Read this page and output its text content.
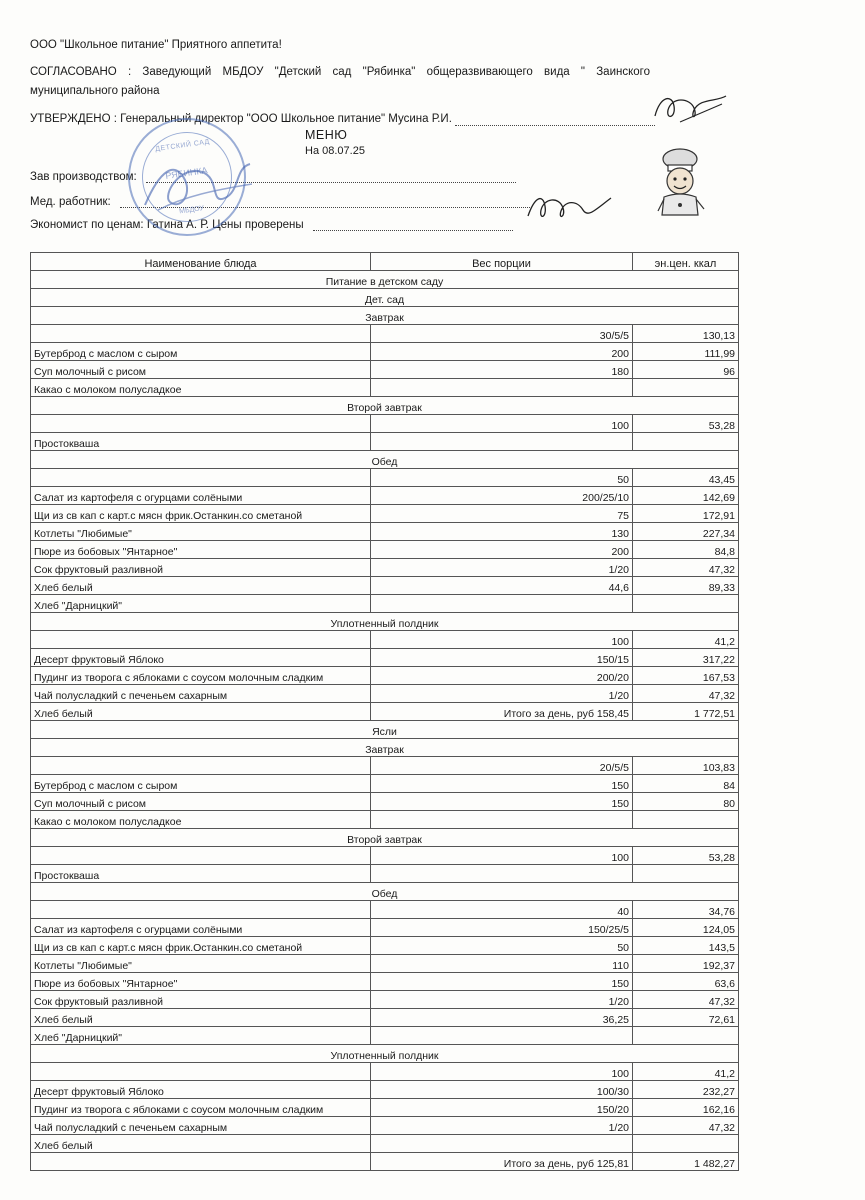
ООО "Школьное питание" Приятного аппетита!
СОГЛАСОВАНО : Заведующий МБДОУ "Детский сад "Рябинка" общеразвивающего вида " Заинского
муниципального района
УТВЕРЖДЕНО : Генеральный директор "ООО Школьное питание" Мусина Р.И.
МЕНЮ
На 08.07.25
Зав производством:
Мед. работник:
Экономист по ценам: Гатина А. Р. Цены проверены
ДЕТСКИЙ САД
РЯБИНКА
МБДОУ
Наименование блюда	Вес порции	эн.цен. ккал
Питание в детском саду		
Дет. сад		
Завтрак		
	30/5/5	130,13
Бутерброд с маслом с сыром	200	111,99
Суп молочный с рисом	180	96
Какао с молоком полусладкое		
Второй завтрак		
	100	53,28
Простокваша		
Обед		
	50	43,45
Салат из картофеля с огурцами солёными	200/25/10	142,69
Щи из св кап с карт.с мясн фрик.Останкин.со сметаной	75	172,91
Котлеты "Любимые"	130	227,34
Пюре из бобовых "Янтарное"	200	84,8
Сок фруктовый разливной	1/20	47,32
Хлеб белый	44,6	89,33
Хлеб "Дарницкий"		
Уплотненный полдник		
	100	41,2
Десерт фруктовый Яблоко	150/15	317,22
Пудинг из творога с яблоками с соусом молочным сладким	200/20	167,53
Чай полусладкий с печеньем сахарным	1/20	47,32
Хлеб белый	Итого за день, руб 158,45	1 772,51
Ясли		
Завтрак		
	20/5/5	103,83
Бутерброд с маслом с сыром	150	84
Суп молочный с рисом	150	80
Какао с молоком полусладкое		
Второй завтрак		
	100	53,28
Простокваша		
Обед		
	40	34,76
Салат из картофеля с огурцами солёными	150/25/5	124,05
Щи из св кап с карт.с мясн фрик.Останкин.со сметаной	50	143,5
Котлеты "Любимые"	110	192,37
Пюре из бобовых "Янтарное"	150	63,6
Сок фруктовый разливной	1/20	47,32
Хлеб белый	36,25	72,61
Хлеб "Дарницкий"		
Уплотненный полдник		
	100	41,2
Десерт фруктовый Яблоко	100/30	232,27
Пудинг из творога с яблоками с соусом молочным сладким	150/20	162,16
Чай полусладкий с печеньем сахарным	1/20	47,32
Хлеб белый		
	Итого за день, руб 125,81	1 482,27
